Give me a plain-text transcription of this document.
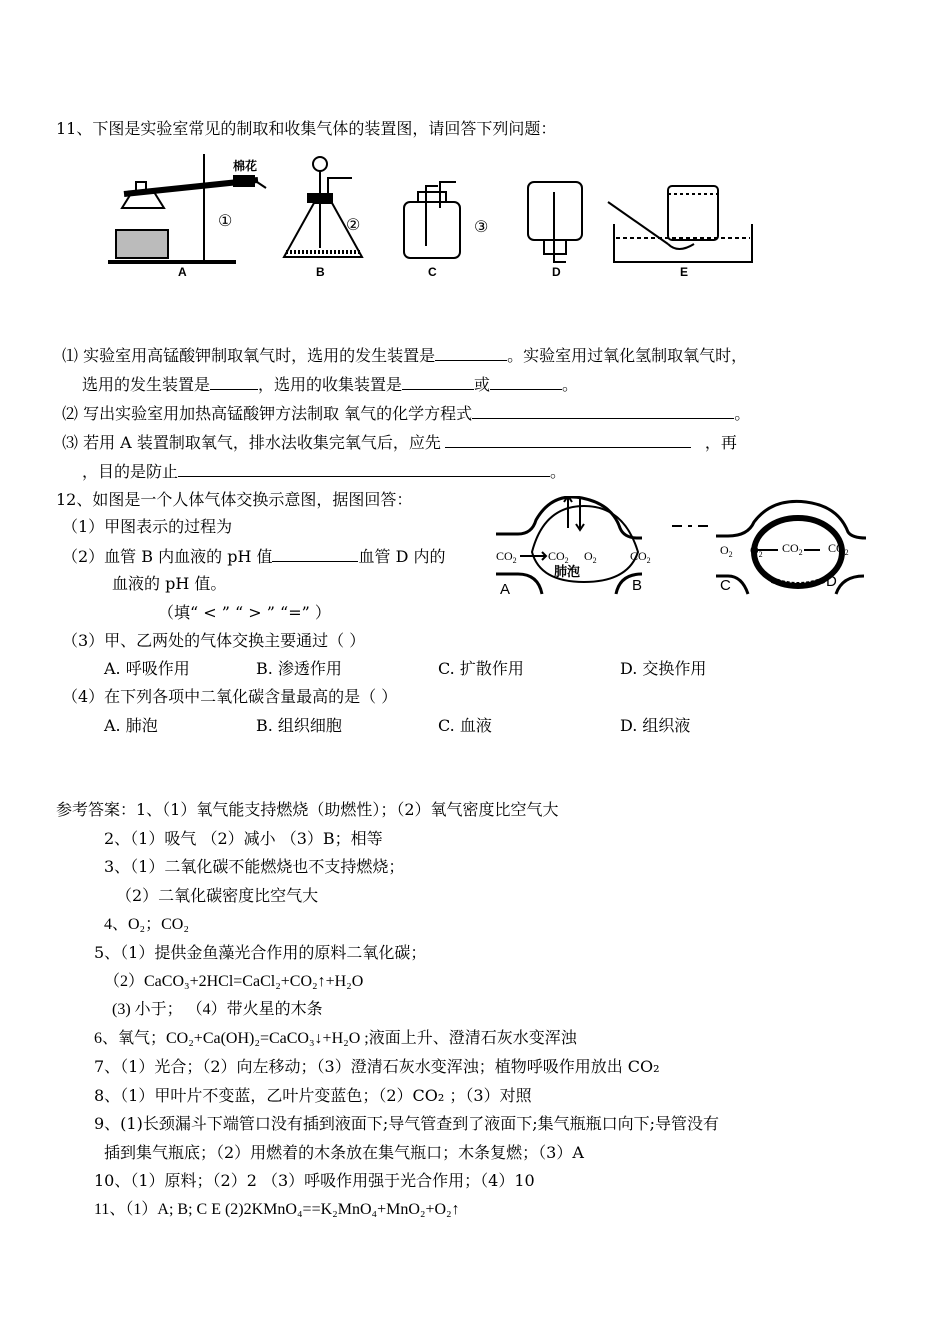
11、下图是实验室常见的制取和收集气体的装置图，请回答下列问题：
①	②	③
棉花
A	B	C	D	E
⑴ 实验室用高锰酸钾制取氧气时，选用的发生装置是	。实验室用过氧化氢制取氧气时，
选用的发生装置是	，选用的收集装置是	或	。
⑵ 写出实验室用加热高锰酸钾方法制取 氧气的化学方程式	。
⑶ 若用 A 装置制取氧气，排水法收集完氧气后，应先	，再
，目的是防止	。
12、如图是一个人体气体交换示意图，据图回答：
（1）甲图表示的过程为
（2）血管 B 内血液的 pH 值	血管 D 内的
血液的 pH 值。
（填“ < ” “ > ” “=” ）
$CO_2$	$CO_2$ $O_2$	$CO_2$
肺泡
$O_2$ $O_2$ $CO_2$ $CO_2$
A	B	C	D
（3）甲、乙两处的气体交换主要通过（ ）
A. 呼吸作用	B. 渗透作用	C. 扩散作用	D. 交换作用
（4）在下列各项中二氧化碳含量最高的是（ ）
A. 肺泡	B. 组织细胞	C. 血液	D. 组织液
参考答案：1、（1）氧气能支持燃烧（助燃性）；（2）氧气密度比空气大
2、（1）吸气 （2）减小 （3）B；相等
3、（1）二氧化碳不能燃烧也不支持燃烧；
（2）二氧化碳密度比空气大
4、O₂；CO₂
5、（1）提供金鱼藻光合作用的原料二氧化碳；
（2）CaCO₃+2HCl=CaCl₂+CO₂↑+H₂O
(3) 小于； （4）带火星的木条
6、氧气；CO₂+Ca(OH)₂=CaCO₃↓+H₂O ;液面上升、澄清石灰水变浑浊
7、（1）光合；（2）向左移动；（3）澄清石灰水变浑浊；植物呼吸作用放出 CO₂
8、（1）甲叶片不变蓝，乙叶片变蓝色；（2）CO₂ ；（3）对照
9、(1)长颈漏斗下端管口没有插到液面下;导气管查到了液面下;集气瓶瓶口向下;导管没有
插到集气瓶底；（2）用燃着的木条放在集气瓶口；木条复燃；（3）A
10、（1）原料；（2）2 （3）呼吸作用强于光合作用；（4）10
11、（1）A; B; C E (2)2KMnO₄==K₂MnO₄+MnO₂+O₂↑
